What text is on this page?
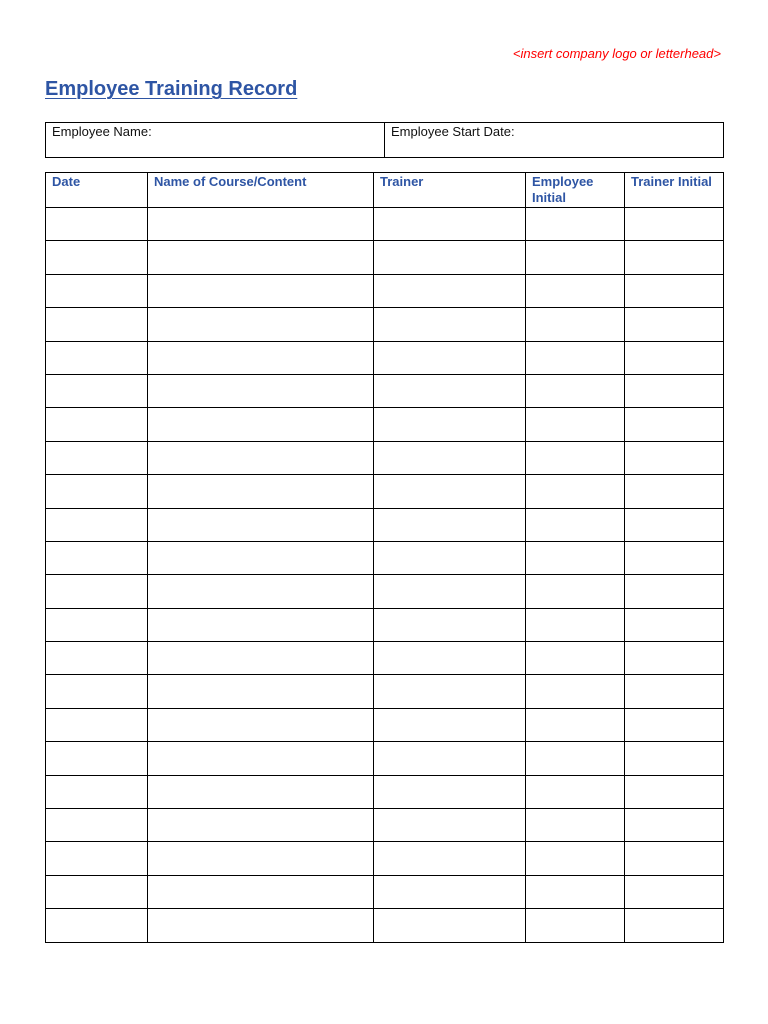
<insert company logo or letterhead>
Employee Training Record
Employee Name:	Employee Start Date:
Date	Name of Course/Content	Trainer	Employee Initial	Trainer Initial
